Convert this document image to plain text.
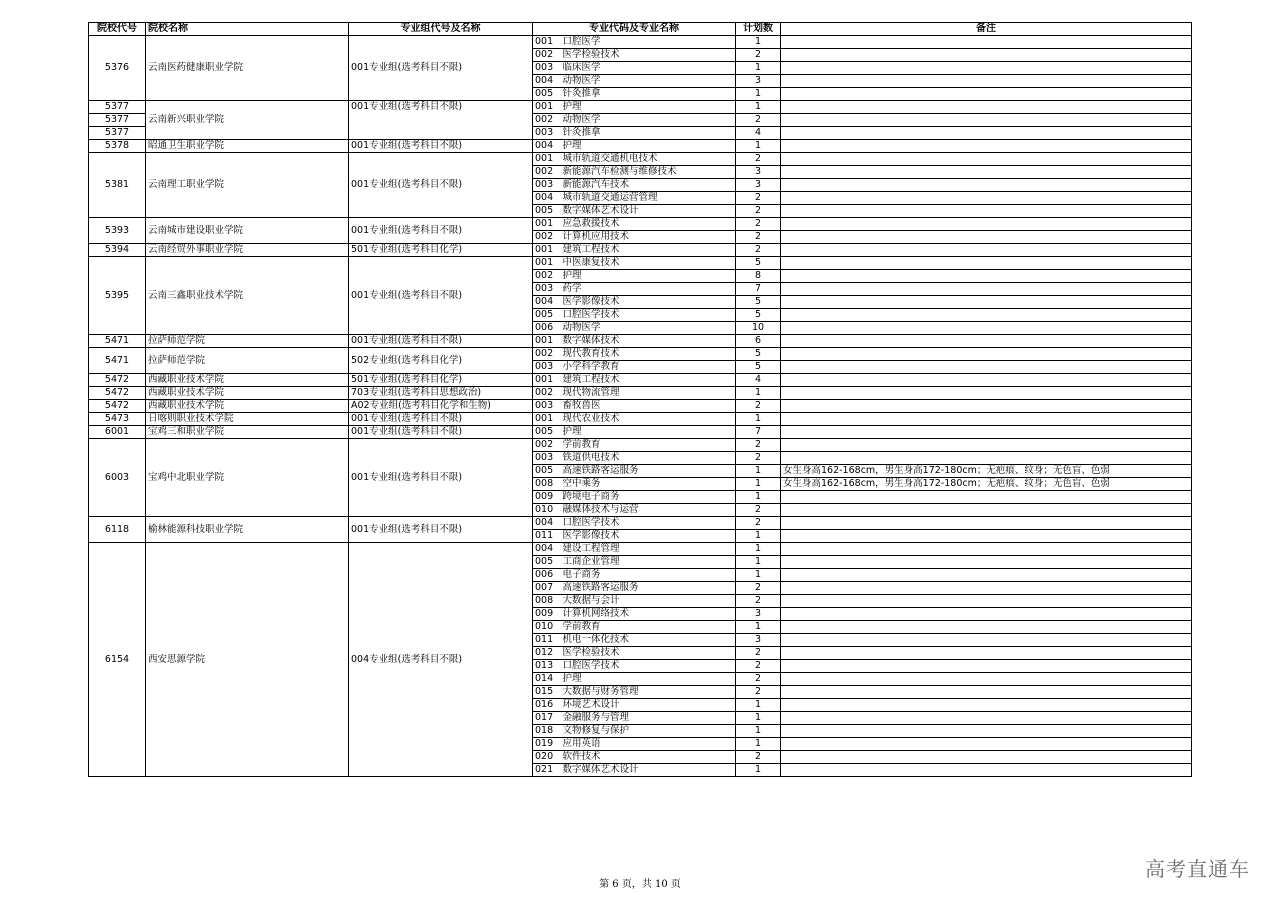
院校代号	院校名称	专业组代号及名称	专业代码及专业名称		计划数	备注
5376	云南医药健康职业学院	001专业组(选考科目不限)	001	口腔医学	1	
			002	医学检验技术	2	
			003	临床医学	1	
			004	动物医学	3	
			005	针灸推拿	1	
5377	云南新兴职业学院	001专业组(选考科目不限)	001	护理	1	
5377			002	动物医学	2	
5377			003	针灸推拿	4	
5378	昭通卫生职业学院	001专业组(选考科目不限)	004	护理	1	
5381	云南理工职业学院	001专业组(选考科目不限)	001	城市轨道交通机电技术	2	
			002	新能源汽车检测与维修技术	3	
			003	新能源汽车技术	3	
			004	城市轨道交通运营管理	2	
			005	数字媒体艺术设计	2	
5393	云南城市建设职业学院	001专业组(选考科目不限)	001	应急救援技术	2	
			002	计算机应用技术	2	
5394	云南经贸外事职业学院	501专业组(选考科目化学)	001	建筑工程技术	2	
5395	云南三鑫职业技术学院	001专业组(选考科目不限)	001	中医康复技术	5	
			002	护理	8	
			003	药学	7	
			004	医学影像技术	5	
			005	口腔医学技术	5	
			006	动物医学	10	
5471	拉萨师范学院	001专业组(选考科目不限)	001	数字媒体技术	6	
5471	拉萨师范学院	502专业组(选考科目化学)	002	现代教育技术	5	
			003	小学科学教育	5	
5472	西藏职业技术学院	501专业组(选考科目化学)	001	建筑工程技术	4	
5472	西藏职业技术学院	703专业组(选考科目思想政治)	002	现代物流管理	1	
5472	西藏职业技术学院	A02专业组(选考科目化学和生物)	003	畜牧兽医	2	
5473	日喀则职业技术学院	001专业组(选考科目不限)	001	现代农业技术	1	
6001	宝鸡三和职业学院	001专业组(选考科目不限)	005	护理	7	
6003	宝鸡中北职业学院	001专业组(选考科目不限)	002	学前教育	2	
			003	铁道供电技术	2	
			005	高速铁路客运服务	1	女生身高162-168cm，男生身高172-180cm；无疤痕、纹身；无色盲、色弱
			008	空中乘务	1	女生身高162-168cm，男生身高172-180cm；无疤痕、纹身；无色盲、色弱
			009	跨境电子商务	1	
			010	融媒体技术与运营	2	
6118	榆林能源科技职业学院	001专业组(选考科目不限)	004	口腔医学技术	2	
			011	医学影像技术	1	
6154	西安思源学院	004专业组(选考科目不限)	004	建设工程管理	1	
			005	工商企业管理	1	
			006	电子商务	1	
			007	高速铁路客运服务	2	
			008	大数据与会计	2	
			009	计算机网络技术	3	
			010	学前教育	1	
			011	机电一体化技术	3	
			012	医学检验技术	2	
			013	口腔医学技术	2	
			014	护理	2	
			015	大数据与财务管理	2	
			016	环境艺术设计	1	
			017	金融服务与管理	1	
			018	文物修复与保护	1	
			019	应用英语	1	
			020	软件技术	2	
			021	数字媒体艺术设计	1	
第 6 页，共 10 页
高考直通车
